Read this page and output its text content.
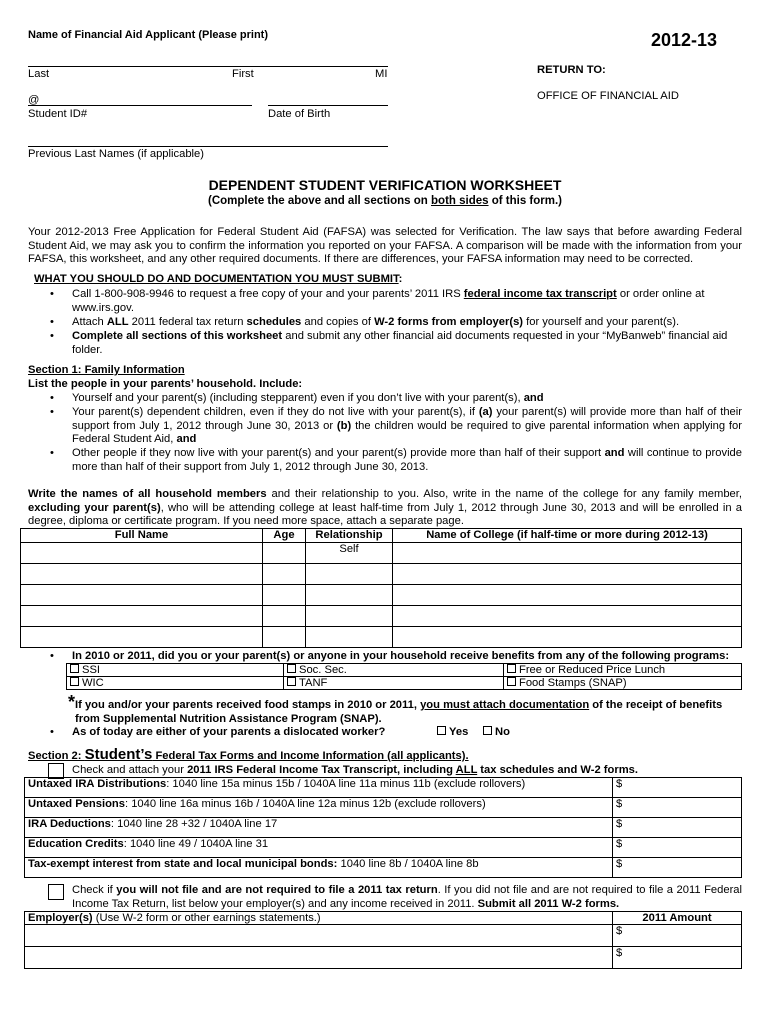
Name of Financial Aid Applicant (Please print)	2012-13
Last	First	MI	RETURN TO:
OFFICE OF FINANCIAL AID
@
Student ID#	Date of Birth
Previous Last Names (if applicable)
DEPENDENT STUDENT VERIFICATION WORKSHEET
(Complete the above and all sections on both sides of this form.)
Your 2012-2013 Free Application for Federal Student Aid (FAFSA) was selected for Verification. The law says that before awarding Federal Student Aid, we may ask you to confirm the information you reported on your FAFSA. A comparison will be made with the information from your FAFSA, this worksheet, and any other required documents. If there are differences, your FAFSA information may need to be corrected.
WHAT YOU SHOULD DO AND DOCUMENTATION YOU MUST SUBMIT:
• Call 1-800-908-9946 to request a free copy of your and your parents’ 2011 IRS federal income tax transcript or order online at www.irs.gov.
• Attach ALL 2011 federal tax return schedules and copies of W-2 forms from employer(s) for yourself and your parent(s).
• Complete all sections of this worksheet and submit any other financial aid documents requested in your “MyBanweb” financial aid folder.
Section 1: Family Information
List the people in your parents’ household. Include:
• Yourself and your parent(s) (including stepparent) even if you don’t live with your parent(s), and
• Your parent(s) dependent children, even if they do not live with your parent(s), if (a) your parent(s) will provide more than half of their support from July 1, 2012 through June 30, 2013 or (b) the children would be required to give parental information when applying for Federal Student Aid, and
• Other people if they now live with your parent(s) and your parent(s) provide more than half of their support and will continue to provide more than half of their support from July 1, 2012 through June 30, 2013.
Write the names of all household members and their relationship to you. Also, write in the name of the college for any family member, excluding your parent(s), who will be attending college at least half-time from July 1, 2012 through June 30, 2013 and will be enrolled in a degree, diploma or certificate program. If you need more space, attach a separate page.
Full Name	Age	Relationship	Name of College (if half-time or more during 2012-13)
		Self	

• In 2010 or 2011, did you or your parent(s) or anyone in your household receive benefits from any of the following programs:
SSI	Soc. Sec.	Free or Reduced Price Lunch
WIC	TANF	Food Stamps (SNAP)
* If you and/or your parents received food stamps in 2010 or 2011, you must attach documentation of the receipt of benefits from Supplemental Nutrition Assistance Program (SNAP).
• As of today are either of your parents a dislocated worker?	Yes	No
Section 2: Student’s Federal Tax Forms and Income Information (all applicants).
Check and attach your 2011 IRS Federal Income Tax Transcript, including ALL tax schedules and W-2 forms.
Untaxed IRA Distributions: 1040 line 15a minus 15b / 1040A line 11a minus 11b (exclude rollovers)	$
Untaxed Pensions: 1040 line 16a minus 16b / 1040A line 12a minus 12b (exclude rollovers)	$
IRA Deductions: 1040 line 28 +32 / 1040A line 17	$
Education Credits: 1040 line 49 / 1040A line 31	$
Tax-exempt interest from state and local municipal bonds: 1040 line 8b / 1040A line 8b	$
Check if you will not file and are not required to file a 2011 tax return. If you did not file and are not required to file a 2011 Federal Income Tax Return, list below your employer(s) and any income received in 2011. Submit all 2011 W-2 forms.
Employer(s) (Use W-2 form or other earnings statements.)	2011 Amount
	$
	$
